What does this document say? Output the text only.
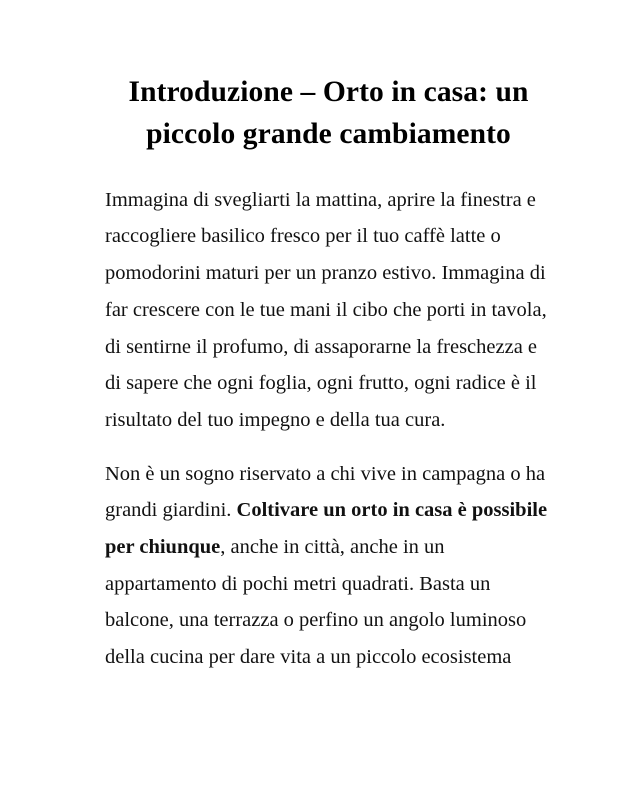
Introduzione – Orto in casa: un piccolo grande cambiamento

Immagina di svegliarti la mattina, aprire la finestra e raccogliere basilico fresco per il tuo caffè latte o pomodorini maturi per un pranzo estivo. Immagina di far crescere con le tue mani il cibo che porti in tavola, di sentirne il profumo, di assaporarne la freschezza e di sapere che ogni foglia, ogni frutto, ogni radice è il risultato del tuo impegno e della tua cura.

Non è un sogno riservato a chi vive in campagna o ha grandi giardini. Coltivare un orto in casa è possibile per chiunque, anche in città, anche in un appartamento di pochi metri quadrati. Basta un balcone, una terrazza o perfino un angolo luminoso della cucina per dare vita a un piccolo ecosistema
